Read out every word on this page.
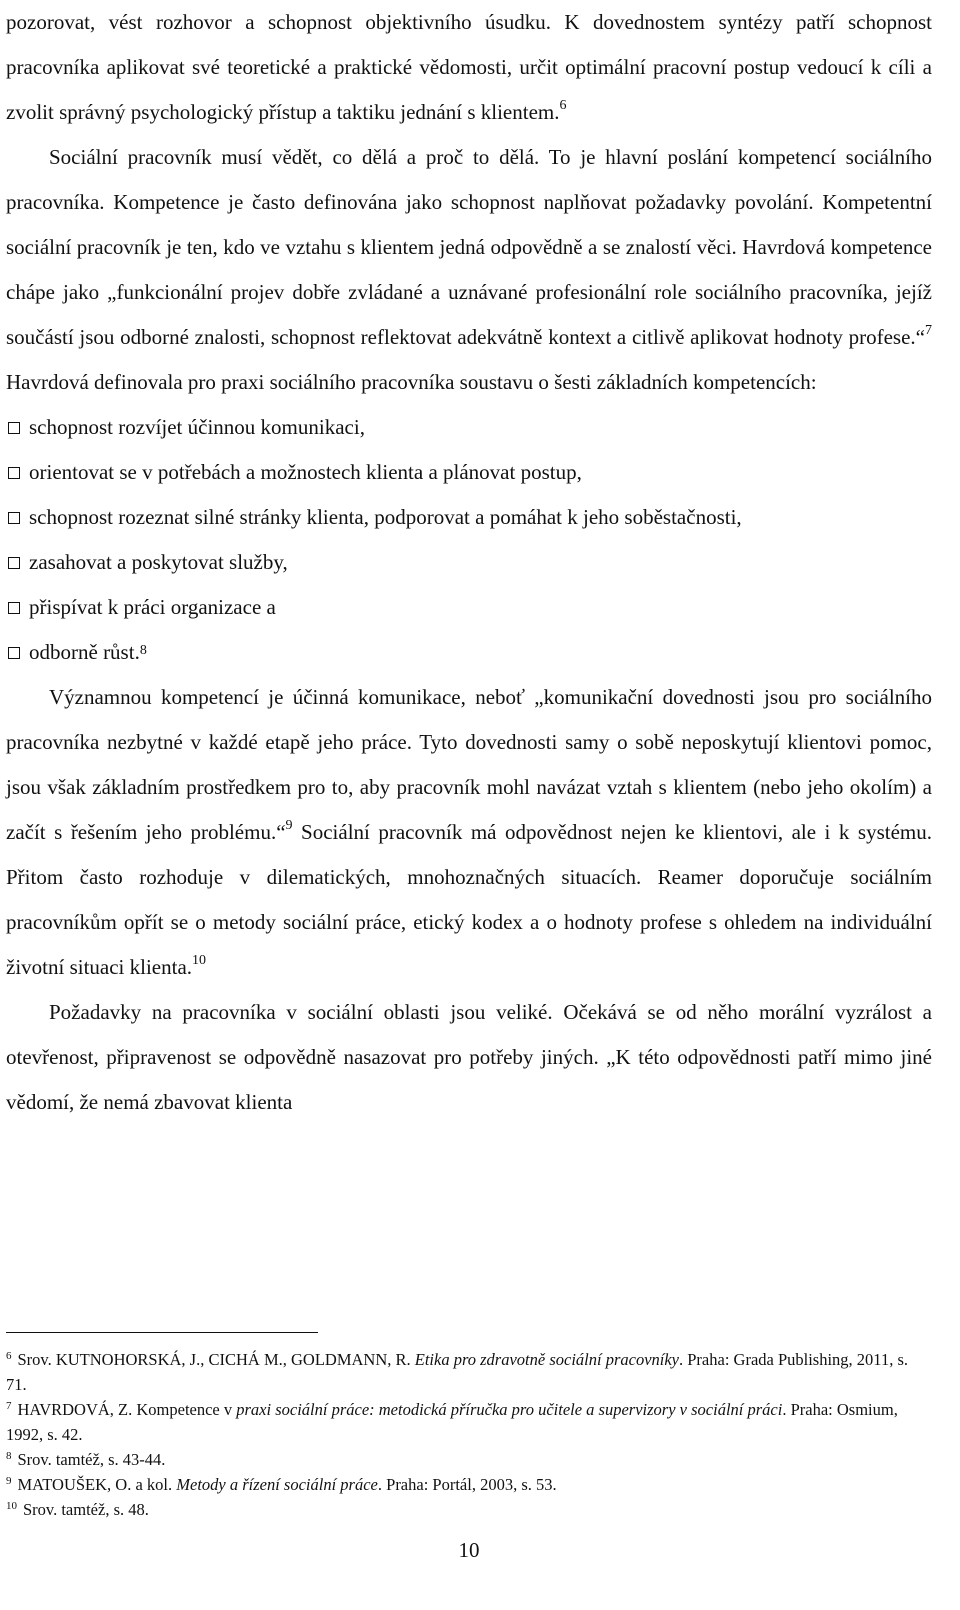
pozorovat, vést rozhovor a schopnost objektivního úsudku. K dovednostem syntézy patří schopnost pracovníka aplikovat své teoretické a praktické vědomosti, určit optimální pracovní postup vedoucí k cíli a zvolit správný psychologický přístup a taktiku jednání s klientem.$^6$

Sociální pracovník musí vědět, co dělá a proč to dělá. To je hlavní poslání kompetencí sociálního pracovníka. Kompetence je často definována jako schopnost naplňovat požadavky povolání. Kompetentní sociální pracovník je ten, kdo ve vztahu s klientem jedná odpovědně a se znalostí věci. Havrdová kompetence chápe jako „funkcionální projev dobře zvládané a uznávané profesionální role sociálního pracovníka, jejíž součástí jsou odborné znalosti, schopnost reflektovat adekvátně kontext a citlivě aplikovat hodnoty profese.“$^7$ Havrdová definovala pro praxi sociálního pracovníka soustavu o šesti základních kompetencích:

schopnost rozvíjet účinnou komunikaci,
orientovat se v potřebách a možnostech klienta a plánovat postup,
schopnost rozeznat silné stránky klienta, podporovat a pomáhat k jeho soběstačnosti,
zasahovat a poskytovat služby,
přispívat k práci organizace a
odborně růst. 8

Významnou kompetencí je účinná komunikace, neboť „komunikační dovednosti jsou pro sociálního pracovníka nezbytné v každé etapě jeho práce. Tyto dovednosti samy o sobě neposkytují klientovi pomoc, jsou však základním prostředkem pro to, aby pracovník mohl navázat vztah s klientem (nebo jeho okolím) a začít s řešením jeho problému.“$^9$ Sociální pracovník má odpovědnost nejen ke klientovi, ale i k systému. Přitom často rozhoduje v dilematických, mnohoznačných situacích. Reamer doporučuje sociálním pracovníkům opřít se o metody sociální práce, etický kodex a o hodnoty profese s ohledem na individuální životní situaci klienta.$^{10}$

Požadavky na pracovníka v sociální oblasti jsou veliké. Očekává se od něho morální vyzrálost a otevřenost, připravenost se odpovědně nasazovat pro potřeby jiných. „K této odpovědnosti patří mimo jiné vědomí, že nemá zbavovat klienta

$^6$ Srov. KUTNOHORSKÁ, J., CICHÁ M., GOLDMANN, R. Etika pro zdravotně sociální pracovníky. Praha: Grada Publishing, 2011, s. 71.

$^7$ HAVRDOVÁ, Z. Kompetence v praxi sociální práce: metodická příručka pro učitele a supervizory v sociální práci. Praha: Osmium, 1992, s. 42.

$^8$ Srov. tamtéž, s. 43-44.

$^9$ MATOUŠEK, O. a kol. Metody a řízení sociální práce. Praha: Portál, 2003, s. 53.

$^{10}$ Srov. tamtéž, s. 48.

10
